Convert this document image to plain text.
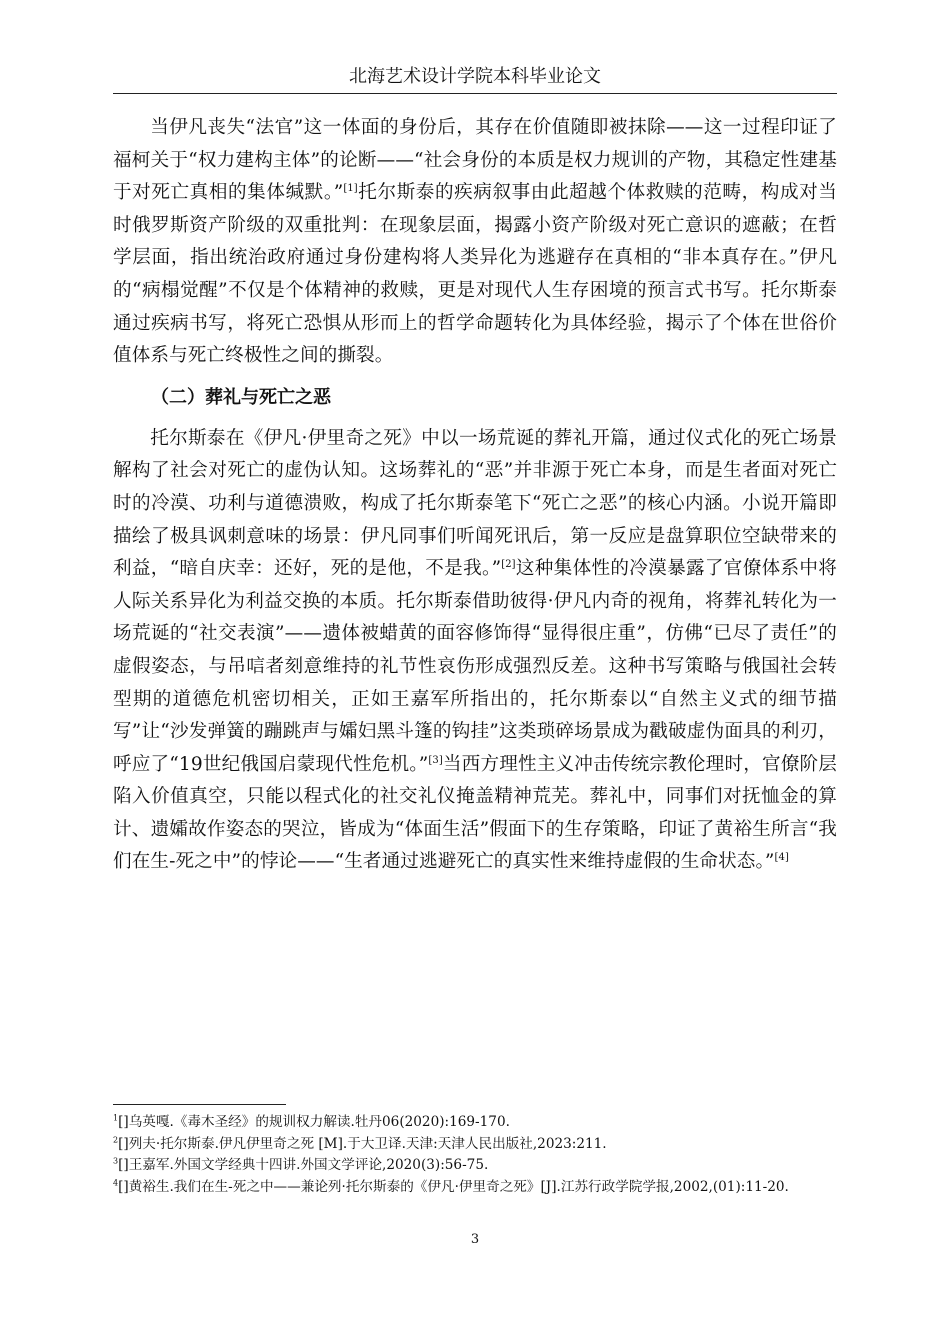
北海艺术设计学院本科毕业论文

当伊凡丧失“法官”这一体面的身份后，其存在价值随即被抹除——这一过程印证了福柯关于“权力建构主体”的论断——“社会身份的本质是权力规训的产物，其稳定性建基于对死亡真相的集体缄默。”[1]托尔斯泰的疾病叙事由此超越个体救赎的范畴，构成对当时俄罗斯资产阶级的双重批判：在现象层面，揭露小资产阶级对死亡意识的遮蔽；在哲学层面，指出统治政府通过身份建构将人类异化为逃避存在真相的“非本真存在。”伊凡的“病榻觉醒”不仅是个体精神的救赎，更是对现代人生存困境的预言式书写。托尔斯泰通过疾病书写，将死亡恐惧从形而上的哲学命题转化为具体经验，揭示了个体在世俗价值体系与死亡终极性之间的撕裂。

（二）葬礼与死亡之恶

托尔斯泰在《伊凡·伊里奇之死》中以一场荒诞的葬礼开篇，通过仪式化的死亡场景解构了社会对死亡的虚伪认知。这场葬礼的“恶”并非源于死亡本身，而是生者面对死亡时的冷漠、功利与道德溃败，构成了托尔斯泰笔下“死亡之恶”的核心内涵。小说开篇即描绘了极具讽刺意味的场景：伊凡同事们听闻死讯后，第一反应是盘算职位空缺带来的利益，“暗自庆幸：还好，死的是他，不是我。”[2]这种集体性的冷漠暴露了官僚体系中将人际关系异化为利益交换的本质。托尔斯泰借助彼得·伊凡内奇的视角，将葬礼转化为一场荒诞的“社交表演”——遗体被蜡黄的面容修饰得“显得很庄重”，仿佛“已尽了责任”的虚假姿态，与吊唁者刻意维持的礼节性哀伤形成强烈反差。这种书写策略与俄国社会转型期的道德危机密切相关，正如王嘉军所指出的，托尔斯泰以“自然主义式的细节描写”让“沙发弹簧的蹦跳声与孀妇黑斗篷的钩挂”这类琐碎场景成为戳破虚伪面具的利刃，呼应了“19世纪俄国启蒙现代性危机。”[3]当西方理性主义冲击传统宗教伦理时，官僚阶层陷入价值真空，只能以程式化的社交礼仪掩盖精神荒芜。葬礼中，同事们对抚恤金的算计、遗孀故作姿态的哭泣，皆成为“体面生活”假面下的生存策略，印证了黄裕生所言“我们在生-死之中”的悖论——“生者通过逃避死亡的真实性来维持虚假的生命状态。”[4]

$^1$[]乌英嘎.《毒木圣经》的规训权力解读.牡丹06(2020):169-170.

$^2$[]列夫·托尔斯泰.伊凡伊里奇之死 [M].于大卫译.天津:天津人民出版社,2023:211.

$^3$[]王嘉军.外国文学经典十四讲.外国文学评论,2020(3):56-75.

$^4$[]黄裕生.我们在生-死之中——兼论列·托尔斯泰的《伊凡·伊里奇之死》[J].江苏行政学院学报,2002,(01):11-20.

3
